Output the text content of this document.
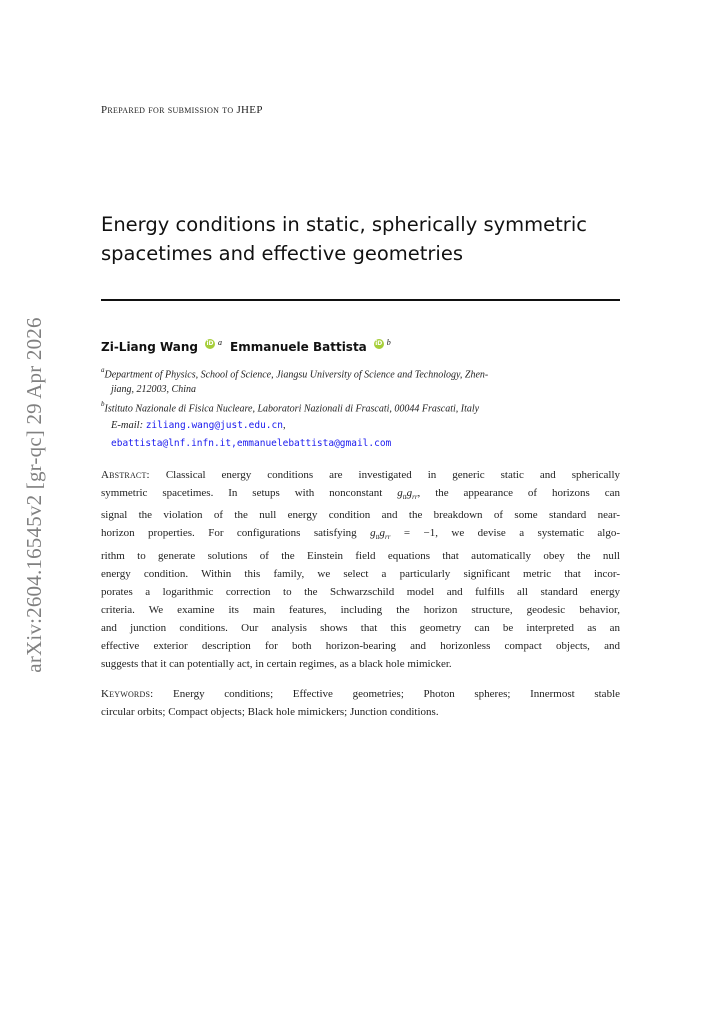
arXiv:2604.16545v2 [gr-qc] 29 Apr 2026
Prepared for submission to JHEP
Energy conditions in static, spherically symmetric
spacetimes and effective geometries
Zi-Liang Wang iD a Emmanuele Battista iD b
$^a$Department of Physics, School of Science, Jiangsu University of Science and Technology, Zhen-
jiang, 212003, China
$^b$Istituto Nazionale di Fisica Nucleare, Laboratori Nazionali di Frascati, 00044 Frascati, Italy
E-mail: ziliang.wang@just.edu.cn,
ebattista@lnf.infn.it,emmanuelebattista@gmail.com
Abstract: Classical energy conditions are investigated in generic static and spherically
symmetric spacetimes. In setups with nonconstant $g_{tt}g_{rr}$, the appearance of horizons can
signal the violation of the null energy condition and the breakdown of some standard near-
horizon properties. For configurations satisfying $g_{tt}g_{rr} = -1$, we devise a systematic algo-
rithm to generate solutions of the Einstein field equations that automatically obey the null
energy condition. Within this family, we select a particularly significant metric that incor-
porates a logarithmic correction to the Schwarzschild model and fulfills all standard energy
criteria. We examine its main features, including the horizon structure, geodesic behavior,
and junction conditions. Our analysis shows that this geometry can be interpreted as an
effective exterior description for both horizon-bearing and horizonless compact objects, and
suggests that it can potentially act, in certain regimes, as a black hole mimicker.
Keywords: Energy conditions; Effective geometries; Photon spheres; Innermost stable
circular orbits; Compact objects; Black hole mimickers; Junction conditions.
